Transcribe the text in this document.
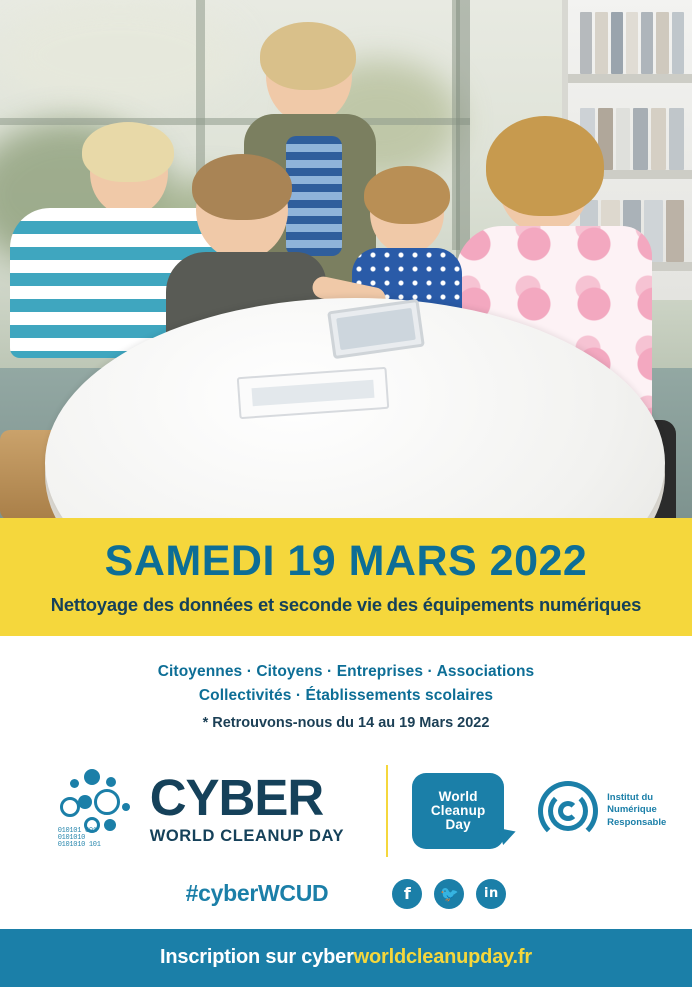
SAMEDI 19 MARS 2022
Nettoyage des données et seconde vie des équipements numériques
Citoyennes · Citoyens · Entreprises · Associations
Collectivités · Établissements scolaires
* Retrouvons-nous du 14 au 19 Mars 2022
010101 001 0101010 0101010 101
CYBER
WORLD CLEANUP DAY
World
Cleanup
Day
Institut du
Numérique
Responsable
#cyberWCUD	f	🐦	in
Inscription sur cyberworldcleanupday.fr
